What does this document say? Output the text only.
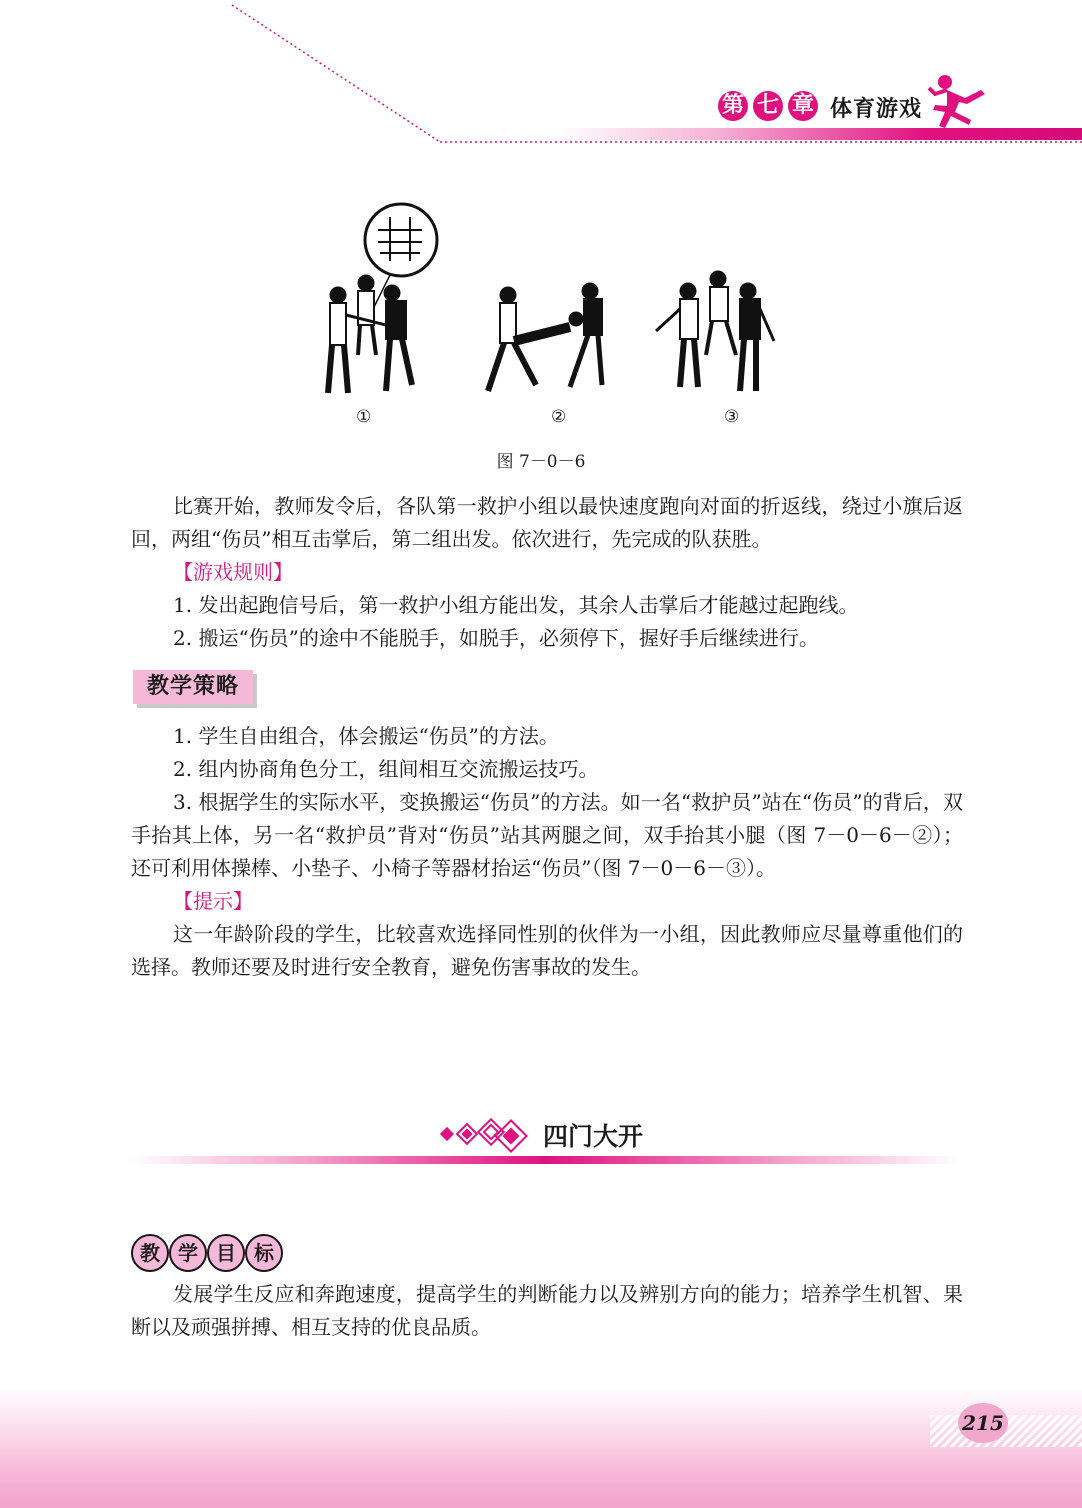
第 七 章 体育游戏
①	②	③
图 7－0－6

比赛开始，教师发令后，各队第一救护小组以最快速度跑向对面的折返线，绕过小旗后返回，两组“伤员”相互击掌后，第二组出发。依次进行，先完成的队获胜。

【游戏规则】

1. 发出起跑信号后，第一救护小组方能出发，其余人击掌后才能越过起跑线。

2. 搬运“伤员”的途中不能脱手，如脱手，必须停下，握好手后继续进行。

教学策略

1. 学生自由组合，体会搬运“伤员”的方法。

2. 组内协商角色分工，组间相互交流搬运技巧。

3. 根据学生的实际水平，变换搬运“伤员”的方法。如一名“救护员”站在“伤员”的背后，双手抬其上体，另一名“救护员”背对“伤员”站其两腿之间，双手抬其小腿（图 7－0－6－②）；还可利用体操棒、小垫子、小椅子等器材抬运“伤员”（图 7－0－6－③）。

【提示】

这一年龄阶段的学生，比较喜欢选择同性别的伙伴为一小组，因此教师应尽量尊重他们的选择。教师还要及时进行安全教育，避免伤害事故的发生。

四门大开
教 学 目 标

发展学生反应和奔跑速度，提高学生的判断能力以及辨别方向的能力；培养学生机智、果断以及顽强拼搏、相互支持的优良品质。

215
